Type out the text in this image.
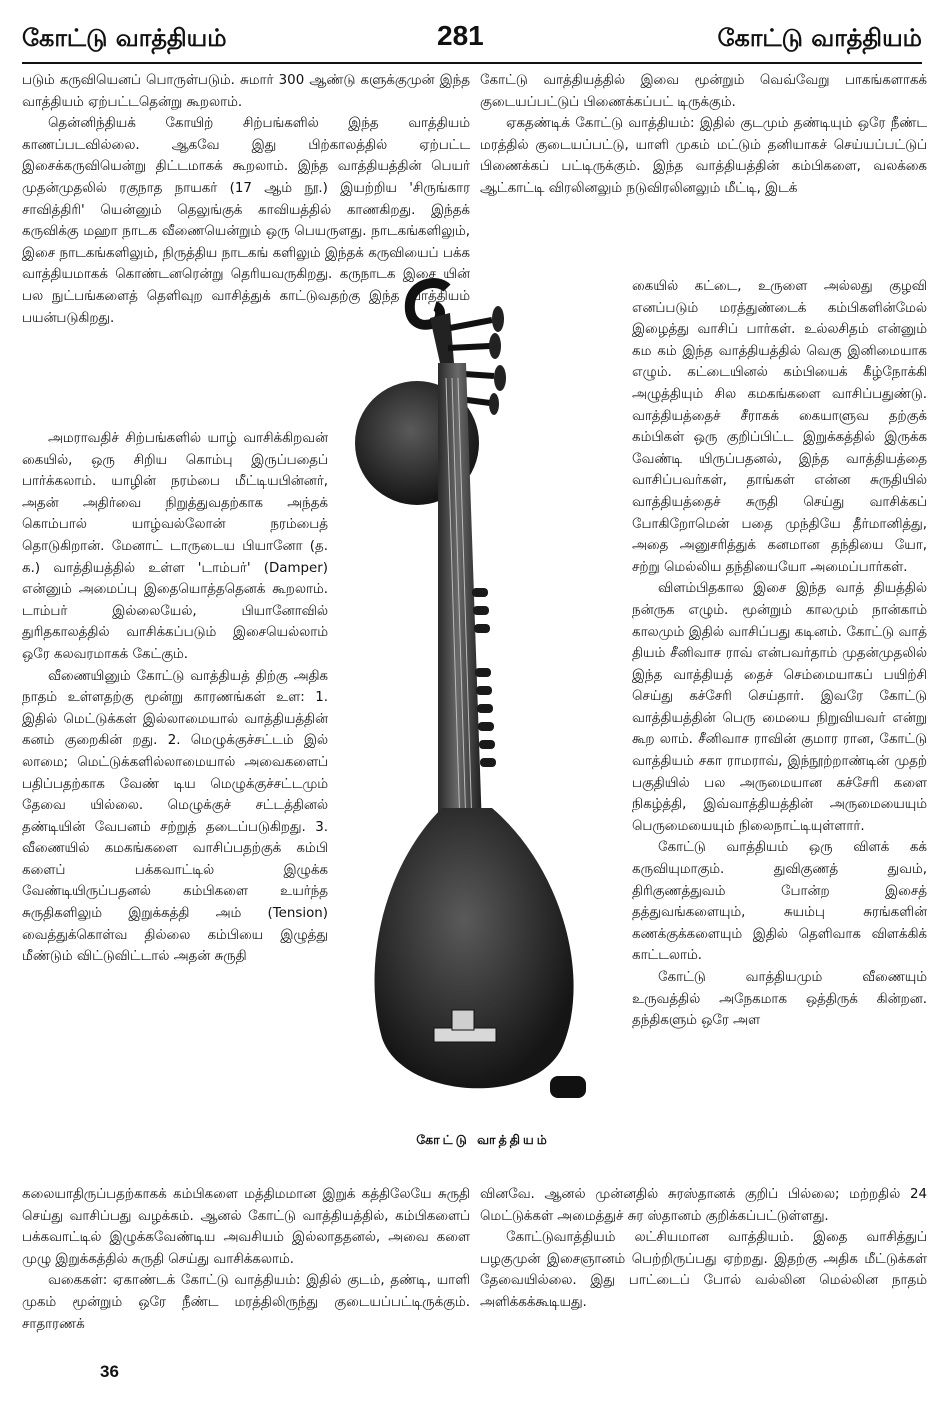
கோட்டு வாத்தியம்	281	கோட்டு வாத்தியம்

படும் கருவியெனப் பொருள்படும். சுமார் 300 ஆண்டு களுக்குமுன் இந்த வாத்தியம் ஏற்பட்டதென்று கூறலாம்.

தென்னிந்தியக் கோயிற் சிற்பங்களில் இந்த வாத்தியம் காணப்படவில்லை. ஆகவே இது பிற்காலத்தில் ஏற்பட்ட இசைக்கருவியென்று திட்டமாகக் கூறலாம். இந்த வாத்தியத்தின் பெயர் முதன்முதலில் ரகுநாத நாயகர் (17 ஆம் நூ.) இயற்றிய 'சிருங்கார சாவித்திரி' யென்னும் தெலுங்குக் காவியத்தில் காணகிறது. இந்தக் கருவிக்கு மஹா நாடக வீணையென்றும் ஒரு பெயருளது. நாடகங்களிலும், இசை நாடகங்களிலும், நிருத்திய நாடகங் களிலும் இந்தக் கருவியைப் பக்க வாத்தியமாகக் கொண்டனரென்று தெரியவருகிறது. கருநாடக இசை யின் பல நுட்பங்களைத் தெளிவுற வாசித்துக் காட்டுவதற்கு இந்த வாத்தியம் பயன்படுகிறது.

அமராவதிச் சிற்பங்களில் யாழ் வாசிக்கிறவன் கையில், ஒரு சிறிய கொம்பு இருப்பதைப் பார்க்கலாம். யாழின் நரம்பை மீட்டியபின்னர், அதன் அதிர்வை நிறுத்துவதற்காக அந்தக் கொம்பால் யாழ்வல்லோன் நரம்பைத் தொடுகிறான். மேனாட் டாருடைய பியானோ (த. க.) வாத்தியத்தில் உள்ள 'டாம்பர்' (Damper) என்னும் அமைப்பு இதையொத்ததெனக் கூறலாம். டாம்பர் இல்லையேல், பியானோவில் துரிதகாலத்தில் வாசிக்கப்படும் இசையெல்லாம் ஒரே கலவரமாகக் கேட்கும்.

வீணையினும் கோட்டு வாத்தியத் திற்கு அதிக நாதம் உள்ளதற்கு மூன்று காரணங்கள் உள: 1. இதில் மெட்டுக்கள் இல்லாமையால் வாத்தியத்தின் கனம் குறைகின் றது. 2. மெழுக்குச்சட்டம் இல் லாமை; மெட்டுக்களில்லாமையால் அவைகளைப் பதிப்பதற்காக வேண் டிய மெழுக்குச்சட்டமும் தேவை யில்லை. மெழுக்குச் சட்டத்தினல் தண்டியின் வேபனம் சற்றுத் தடைப்படுகிறது. 3. வீணையில் கமகங்களை வாசிப்பதற்குக் கம்பி களைப் பக்கவாட்டில் இழுக்க வேண்டியிருப்பதனல் கம்பிகளை உயர்ந்த சுருதிகளிலும் இறுக்கத்தி அம் (Tension) வைத்துக்கொள்வ தில்லை கம்பியை இழுத்து மீண்டும் விட்டுவிட்டால் அதன் சுருதி

கோட்டு வாத்தியத்தில் இவை மூன்றும் வெவ்வேறு பாகங்களாகக் குடையப்பட்டுப் பிணைக்கப்பட் டிருக்கும்.

ஏகதண்டிக் கோட்டு வாத்தியம்: இதில் குடமும் தண்டியும் ஒரே நீண்ட மரத்தில் குடையப்பட்டு, யாளி முகம் மட்டும் தனியாகச் செய்யப்பட்டுப் பிணைக்கப் பட்டிருக்கும். இந்த வாத்தியத்தின் கம்பிகளை, வலக்கை ஆட்காட்டி விரலினலும் நடுவிரலினலும் மீட்டி, இடக்

கையில் கட்டை, உருளை அல்லது குழவி எனப்படும் மரத்துண்டைக் கம்பிகளின்மேல் இழைத்து வாசிப் பார்கள். உல்லசிதம் என்னும் கம கம் இந்த வாத்தியத்தில் வெகு இனிமையாக எழும். கட்டையினல் கம்பியைக் கீழ்நோக்கி அழுத்தியும் சில கமகங்களை வாசிப்பதுண்டு. வாத்தியத்தைச் சீராகக் கையாளுவ தற்குக் கம்பிகள் ஒரு குறிப்பிட்ட இறுக்கத்தில் இருக்க வேண்டி யிருப்பதனல், இந்த வாத்தியத்தை வாசிப்பவர்கள், தாங்கள் என்ன சுருதியில் வாத்தியத்தைச் சுருதி செய்து வாசிக்கப் போகிறோமென் பதை முந்தியே தீர்மானித்து, அதை அனுசரித்துக் கனமான தந்தியை யோ, சற்று மெல்லிய தந்தியையோ அமைப்பார்கள்.

விளம்பிதகால இசை இந்த வாத் தியத்தில் நன்ருக எழும். மூன்றும் காலமும் நான்காம் காலமும் இதில் வாசிப்பது கடினம். கோட்டு வாத் தியம் சீனிவாச ராவ் என்பவர்தாம் முதன்முதலில் இந்த வாத்தியத் தைச் செம்மையாகப் பயிற்சி செய்து கச்சேரி செய்தார். இவரே கோட்டு வாத்தியத்தின் பெரு மையை நிறுவியவர் என்று கூற லாம். சீனிவாச ராவின் குமார ரான, கோட்டு வாத்தியம் சகா ராமராவ், இந்நூற்றாண்டின் முதற் பகுதியில் பல அருமையான கச்சேரி களை நிகழ்த்தி, இவ்வாத்தியத்தின் அருமையையும் பெருமையையும் நிலைநாட்டியுள்ளார்.

கோட்டு வாத்தியம் ஒரு விளக் கக் கருவியுமாகும். துவிகுணத் துவம், திரிகுணத்துவம் போன்ற இசைத் தத்துவங்களையும், சுயம்பு சுரங்களின் கணக்குக்களையும் இதில் தெளிவாக விளக்கிக் காட்டலாம்.

கோட்டு வாத்தியமும் வீணையும் உருவத்தில் அநேகமாக ஒத்திருக் கின்றன. தந்திகளும் ஒரே அள

கலையாதிருப்பதற்காகக் கம்பிகளை மத்திமமான இறுக் கத்திலேயே சுருதி செய்து வாசிப்பது வழக்கம். ஆனல் கோட்டு வாத்தியத்தில், கம்பிகளைப் பக்கவாட்டில் இழுக்கவேண்டிய அவசியம் இல்லாததனல், அவை களை முழு இறுக்கத்தில் சுருதி செய்து வாசிக்கலாம்.

வகைகள்: ஏகாண்டக் கோட்டு வாத்தியம்: இதில் குடம், தண்டி, யாளி முகம் மூன்றும் ஒரே நீண்ட மரத்திலிருந்து குடையப்பட்டிருக்கும். சாதாரணக்

வினவே. ஆனல் முன்னதில் சுரஸ்தானக் குறிப் பில்லை; மற்றதில் 24 மெட்டுக்கள் அமைத்துச் சுர ஸ்தானம் குறிக்கப்பட்டுள்ளது.

கோட்டுவாத்தியம் லட்சியமான வாத்தியம். இதை வாசித்துப் பழகுமுன் இசைஞானம் பெற்றிருப்பது ஏற்றது. இதற்கு அதிக மீட்டுக்கள் தேவையில்லை. இது பாட்டைப் போல் வல்லின மெல்லின நாதம் அளிக்கக்கூடியது.

கோட்டு வாத்தியம்
36
